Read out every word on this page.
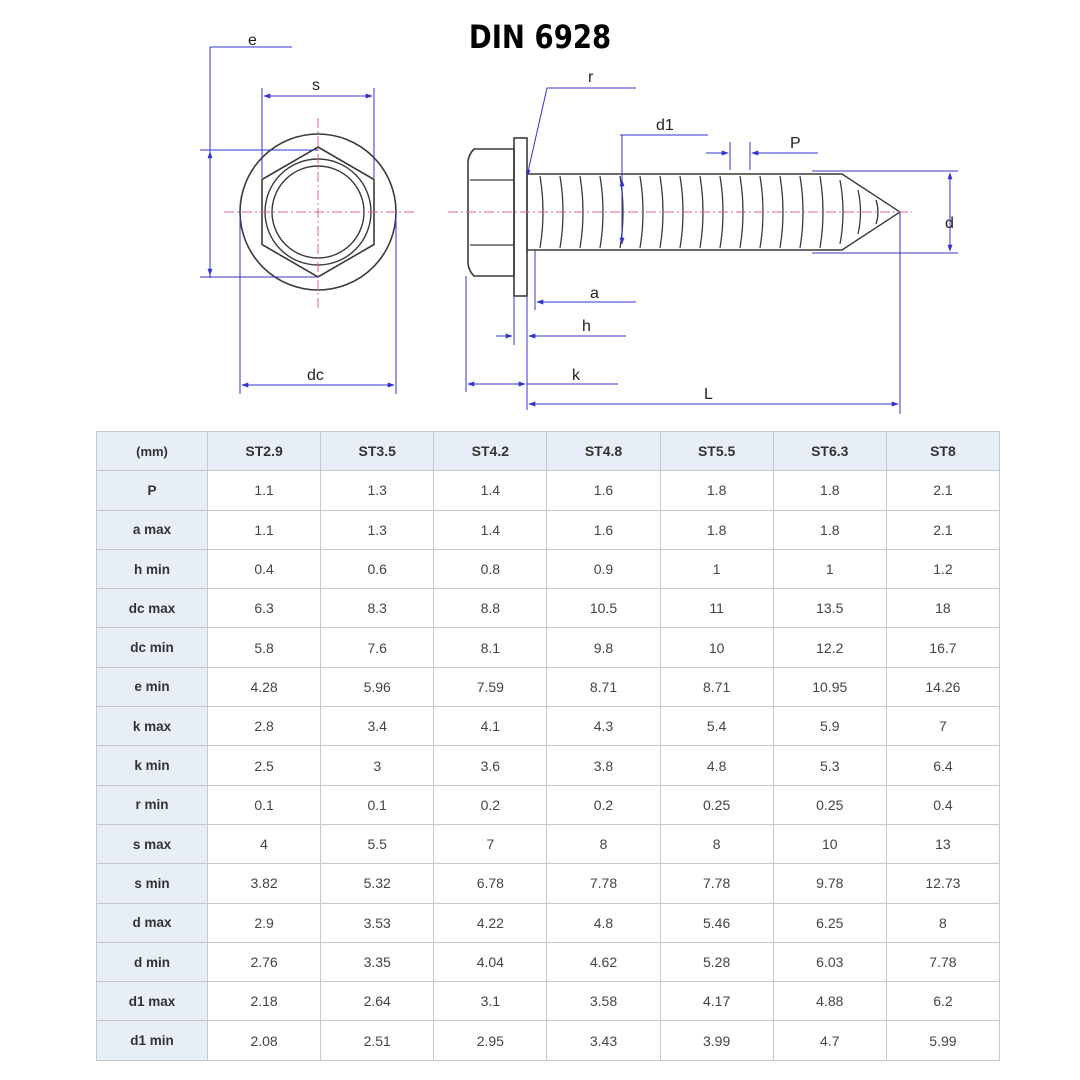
DIN 6928
e
s
dc
r
d1
P
d
a
h
k
L
(mm)	ST2.9	ST3.5	ST4.2	ST4.8	ST5.5	ST6.3	ST8
P	1.1	1.3	1.4	1.6	1.8	1.8	2.1
a max	1.1	1.3	1.4	1.6	1.8	1.8	2.1
h min	0.4	0.6	0.8	0.9	1	1	1.2
dc max	6.3	8.3	8.8	10.5	11	13.5	18
dc min	5.8	7.6	8.1	9.8	10	12.2	16.7
e min	4.28	5.96	7.59	8.71	8.71	10.95	14.26
k max	2.8	3.4	4.1	4.3	5.4	5.9	7
k min	2.5	3	3.6	3.8	4.8	5.3	6.4
r min	0.1	0.1	0.2	0.2	0.25	0.25	0.4
s max	4	5.5	7	8	8	10	13
s min	3.82	5.32	6.78	7.78	7.78	9.78	12.73
d max	2.9	3.53	4.22	4.8	5.46	6.25	8
d min	2.76	3.35	4.04	4.62	5.28	6.03	7.78
d1 max	2.18	2.64	3.1	3.58	4.17	4.88	6.2
d1 min	2.08	2.51	2.95	3.43	3.99	4.7	5.99
